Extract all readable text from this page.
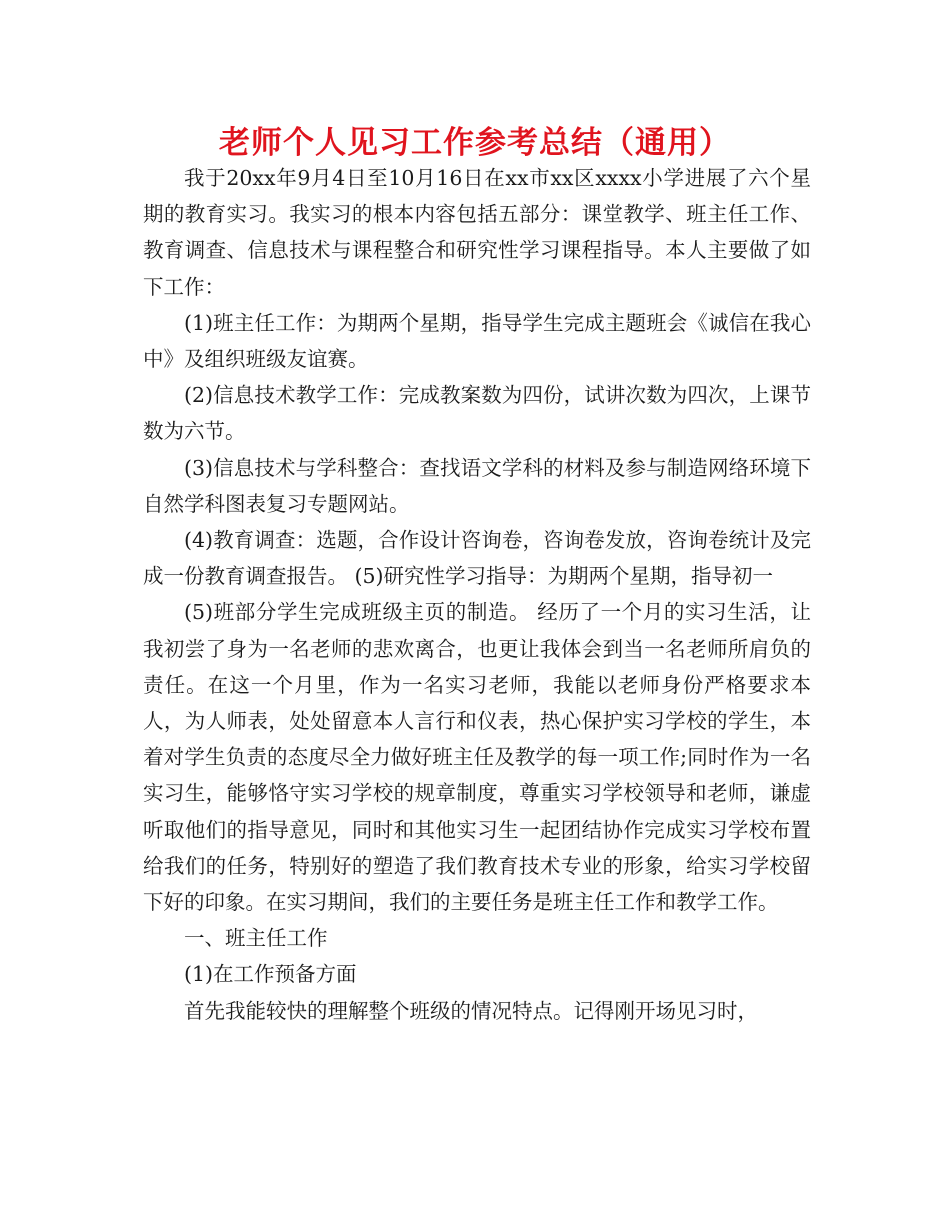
老师个人见习工作参考总结（通用）

我于20xx年9月4日至10月16日在xx市xx区xxxx小学进展了六个星期的教育实习。我实习的根本内容包括五部分：课堂教学、班主任工作、教育调查、信息技术与课程整合和研究性学习课程指导。本人主要做了如下工作：

(1)班主任工作：为期两个星期，指导学生完成主题班会《诚信在我心中》及组织班级友谊赛。

(2)信息技术教学工作：完成教案数为四份，试讲次数为四次，上课节数为六节。

(3)信息技术与学科整合：查找语文学科的材料及参与制造网络环境下自然学科图表复习专题网站。

(4)教育调查：选题，合作设计咨询卷，咨询卷发放，咨询卷统计及完成一份教育调查报告。 (5)研究性学习指导：为期两个星期，指导初一

(5)班部分学生完成班级主页的制造。 经历了一个月的实习生活，让我初尝了身为一名老师的悲欢离合，也更让我体会到当一名老师所肩负的责任。在这一个月里，作为一名实习老师，我能以老师身份严格要求本人，为人师表，处处留意本人言行和仪表，热心保护实习学校的学生，本着对学生负责的态度尽全力做好班主任及教学的每一项工作;同时作为一名实习生，能够恪守实习学校的规章制度，尊重实习学校领导和老师，谦虚听取他们的指导意见，同时和其他实习生一起团结协作完成实习学校布置给我们的任务，特别好的塑造了我们教育技术专业的形象，给实习学校留下好的印象。在实习期间，我们的主要任务是班主任工作和教学工作。

一、班主任工作

(1)在工作预备方面

首先我能较快的理解整个班级的情况特点。记得刚开场见习时，
